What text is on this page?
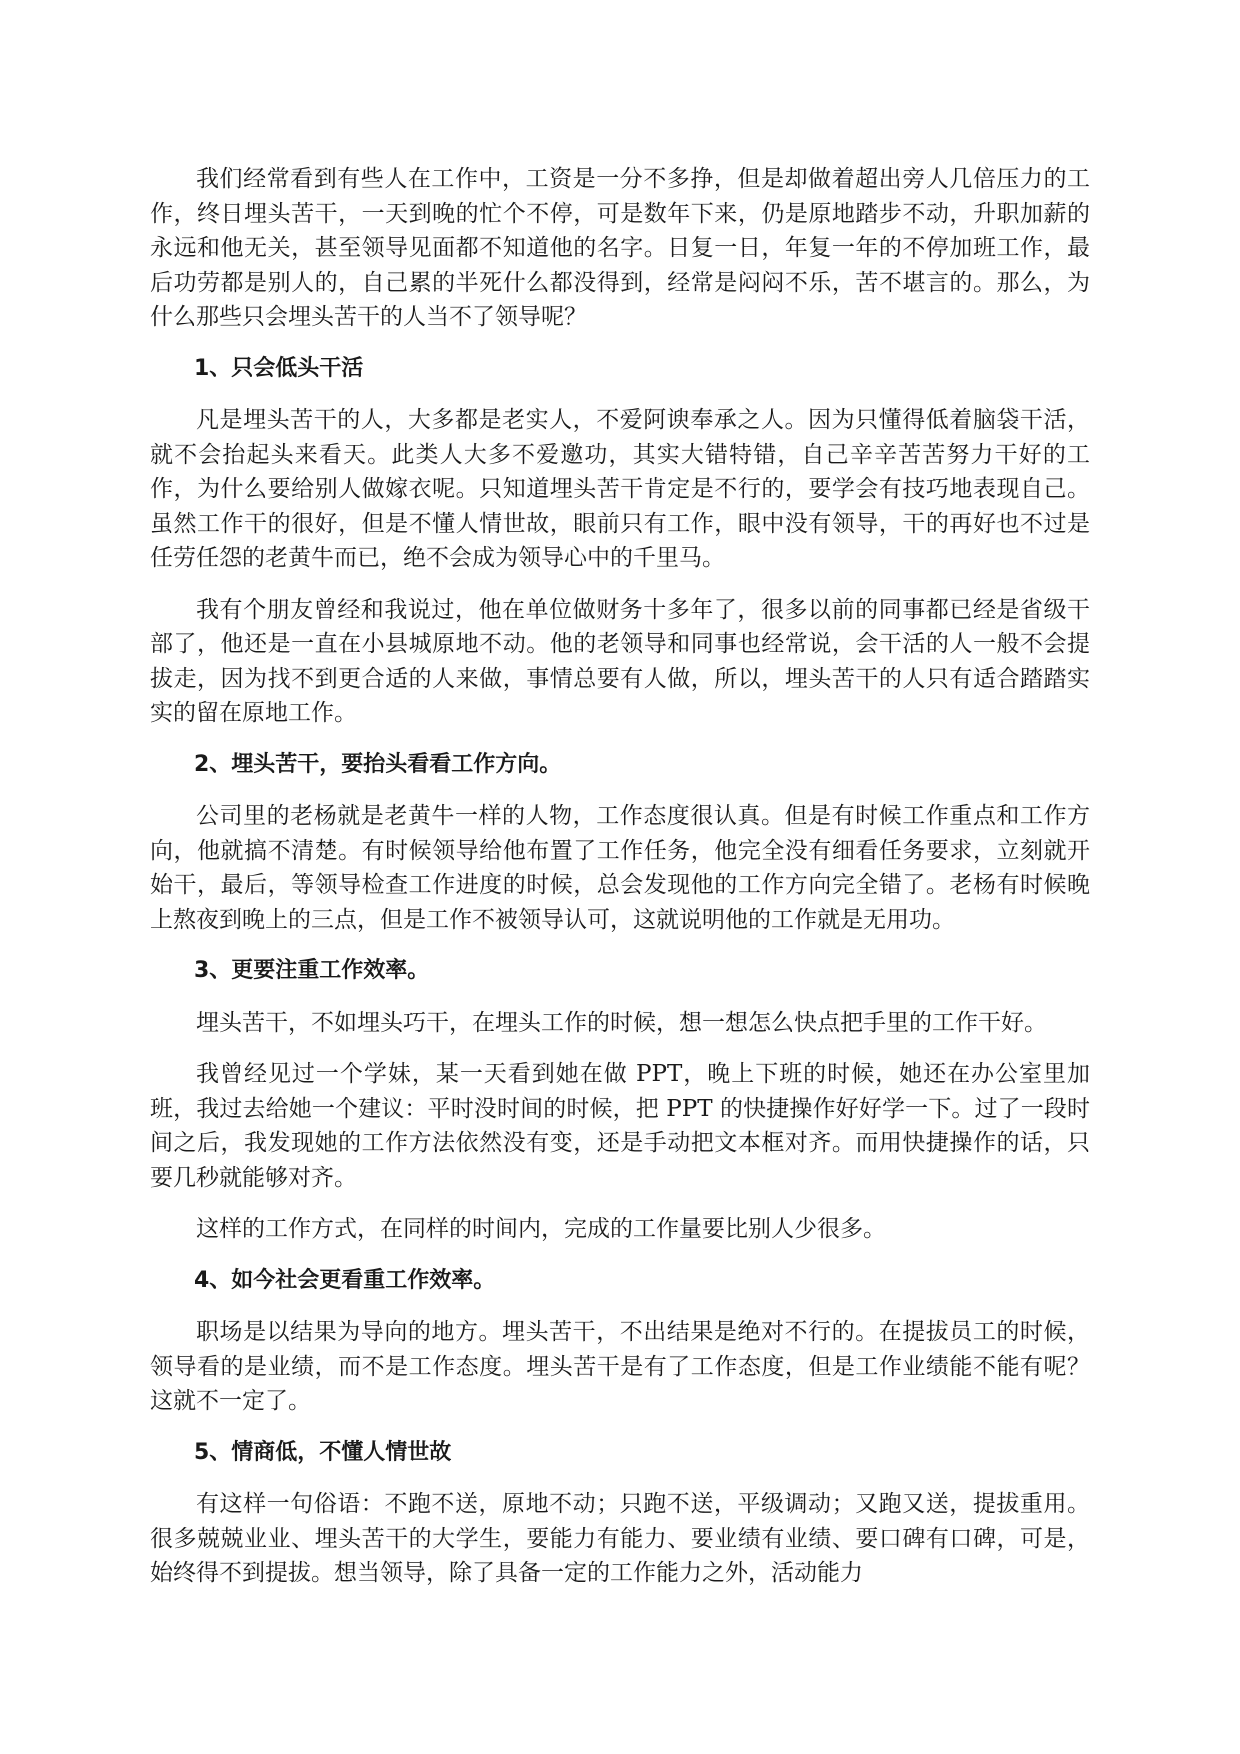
我们经常看到有些人在工作中，工资是一分不多挣，但是却做着超出旁人几倍压力的工作，终日埋头苦干，一天到晚的忙个不停，可是数年下来，仍是原地踏步不动，升职加薪的永远和他无关，甚至领导见面都不知道他的名字。日复一日，年复一年的不停加班工作，最后功劳都是别人的，自己累的半死什么都没得到，经常是闷闷不乐，苦不堪言的。那么，为什么那些只会埋头苦干的人当不了领导呢？

1、只会低头干活

凡是埋头苦干的人，大多都是老实人，不爱阿谀奉承之人。因为只懂得低着脑袋干活，就不会抬起头来看天。此类人大多不爱邀功，其实大错特错，自己辛辛苦苦努力干好的工作，为什么要给别人做嫁衣呢。只知道埋头苦干肯定是不行的，要学会有技巧地表现自己。虽然工作干的很好，但是不懂人情世故，眼前只有工作，眼中没有领导，干的再好也不过是任劳任怨的老黄牛而已，绝不会成为领导心中的千里马。

我有个朋友曾经和我说过，他在单位做财务十多年了，很多以前的同事都已经是省级干部了，他还是一直在小县城原地不动。他的老领导和同事也经常说，会干活的人一般不会提拔走，因为找不到更合适的人来做，事情总要有人做，所以，埋头苦干的人只有适合踏踏实实的留在原地工作。

2、埋头苦干，要抬头看看工作方向。

公司里的老杨就是老黄牛一样的人物，工作态度很认真。但是有时候工作重点和工作方向，他就搞不清楚。有时候领导给他布置了工作任务，他完全没有细看任务要求，立刻就开始干，最后，等领导检查工作进度的时候，总会发现他的工作方向完全错了。老杨有时候晚上熬夜到晚上的三点，但是工作不被领导认可，这就说明他的工作就是无用功。

3、更要注重工作效率。

埋头苦干，不如埋头巧干，在埋头工作的时候，想一想怎么快点把手里的工作干好。

我曾经见过一个学妹，某一天看到她在做 PPT，晚上下班的时候，她还在办公室里加班，我过去给她一个建议：平时没时间的时候，把 PPT 的快捷操作好好学一下。过了一段时间之后，我发现她的工作方法依然没有变，还是手动把文本框对齐。而用快捷操作的话，只要几秒就能够对齐。

这样的工作方式，在同样的时间内，完成的工作量要比别人少很多。

4、如今社会更看重工作效率。

职场是以结果为导向的地方。埋头苦干，不出结果是绝对不行的。在提拔员工的时候，领导看的是业绩，而不是工作态度。埋头苦干是有了工作态度，但是工作业绩能不能有呢？这就不一定了。

5、情商低，不懂人情世故

有这样一句俗语：不跑不送，原地不动；只跑不送，平级调动；又跑又送，提拔重用。很多兢兢业业、埋头苦干的大学生，要能力有能力、要业绩有业绩、要口碑有口碑，可是，始终得不到提拔。想当领导，除了具备一定的工作能力之外，活动能力
